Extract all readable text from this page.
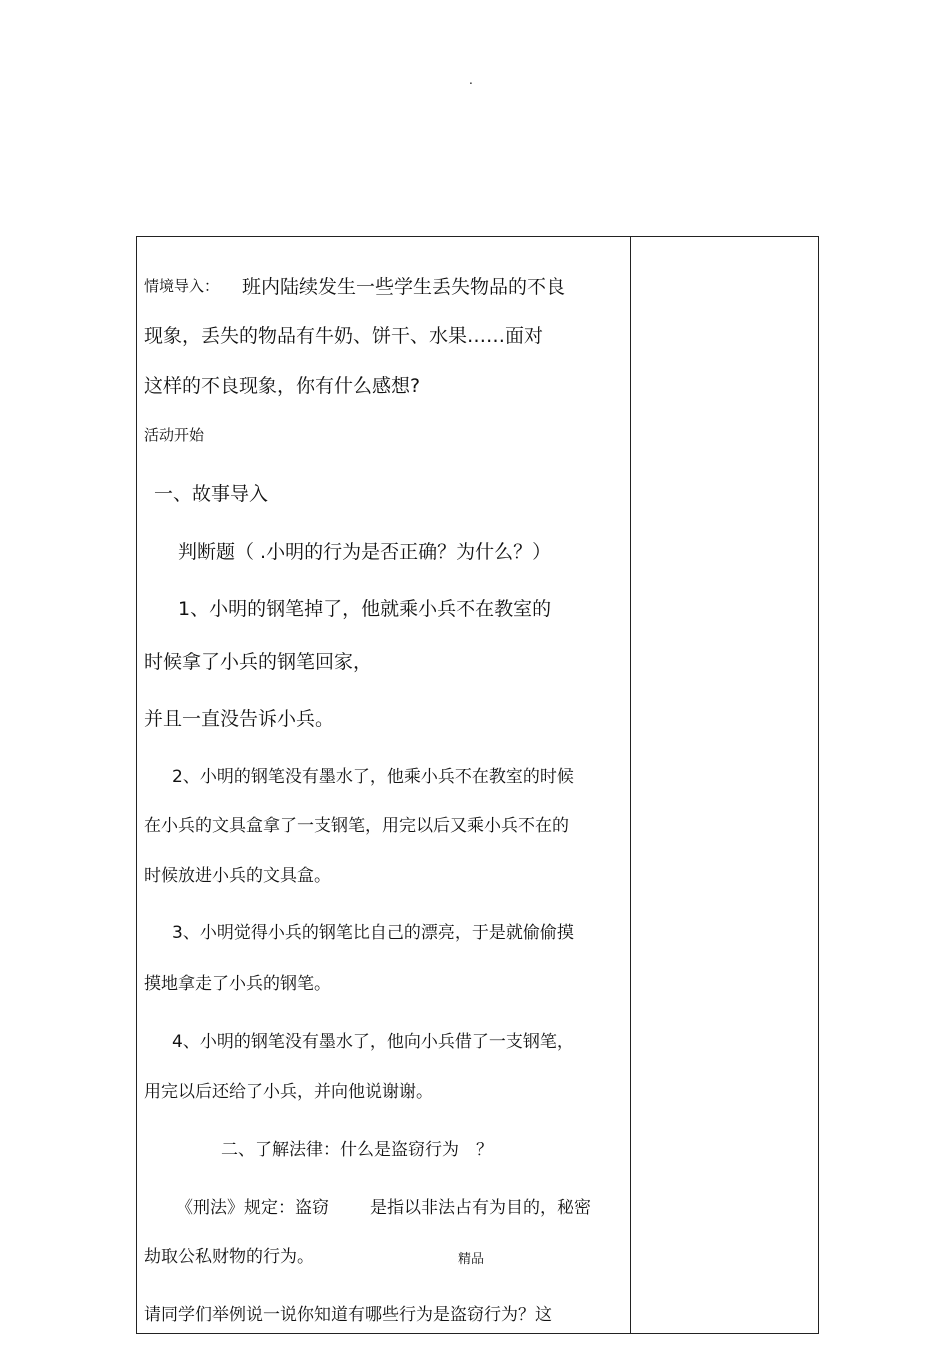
.
情境导入： 班内陆续发生一些学生丢失物品的不良
现象，丢失的物品有牛奶、饼干、水果……面对
这样的不良现象，你有什么感想?
活动开始
一、故事导入
判断题（ .小明的行为是否正确？为什么？）
1、小明的钢笔掉了，他就乘小兵不在教室的
时候拿了小兵的钢笔回家，
并且一直没告诉小兵。
2、小明的钢笔没有墨水了，他乘小兵不在教室的时候
在小兵的文具盒拿了一支钢笔，用完以后又乘小兵不在的
时候放进小兵的文具盒。
3、小明觉得小兵的钢笔比自己的漂亮，于是就偷偷摸
摸地拿走了小兵的钢笔。
4、小明的钢笔没有墨水了，他向小兵借了一支钢笔，
用完以后还给了小兵，并向他说谢谢。
二、了解法律：什么是盗窃行为　？
《刑法》规定：盗窃 是指以非法占有为目的，秘密
劫取公私财物的行为。	精品
请同学们举例说一说你知道有哪些行为是盗窃行为？这
